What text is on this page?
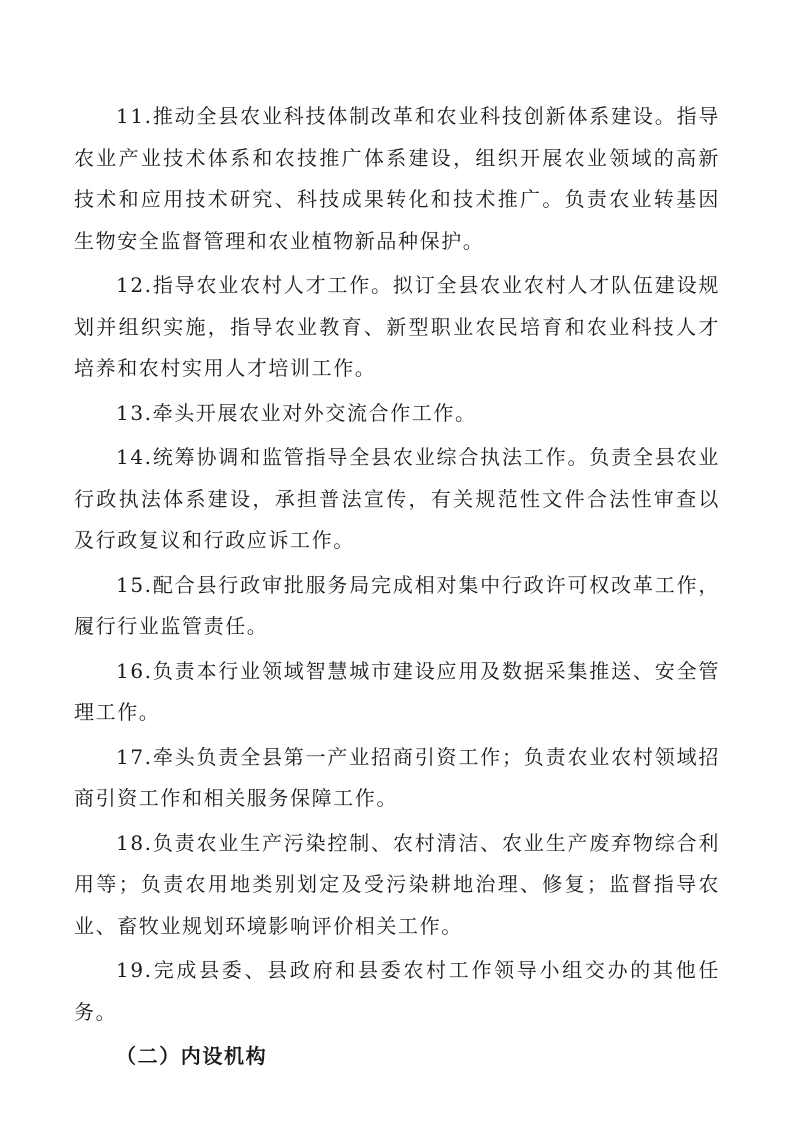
11.推动全县农业科技体制改革和农业科技创新体系建设。指导农业产业技术体系和农技推广体系建设，组织开展农业领域的高新技术和应用技术研究、科技成果转化和技术推广。负责农业转基因生物安全监督管理和农业植物新品种保护。

12.指导农业农村人才工作。拟订全县农业农村人才队伍建设规划并组织实施，指导农业教育、新型职业农民培育和农业科技人才培养和农村实用人才培训工作。

13.牵头开展农业对外交流合作工作。

14.统筹协调和监管指导全县农业综合执法工作。负责全县农业行政执法体系建设，承担普法宣传，有关规范性文件合法性审查以及行政复议和行政应诉工作。

15.配合县行政审批服务局完成相对集中行政许可权改革工作，履行行业监管责任。

16.负责本行业领域智慧城市建设应用及数据采集推送、安全管理工作。

17.牵头负责全县第一产业招商引资工作；负责农业农村领域招商引资工作和相关服务保障工作。

18.负责农业生产污染控制、农村清洁、农业生产废弃物综合利用等；负责农用地类别划定及受污染耕地治理、修复；监督指导农业、畜牧业规划环境影响评价相关工作。

19.完成县委、县政府和县委农村工作领导小组交办的其他任务。

（二）内设机构
